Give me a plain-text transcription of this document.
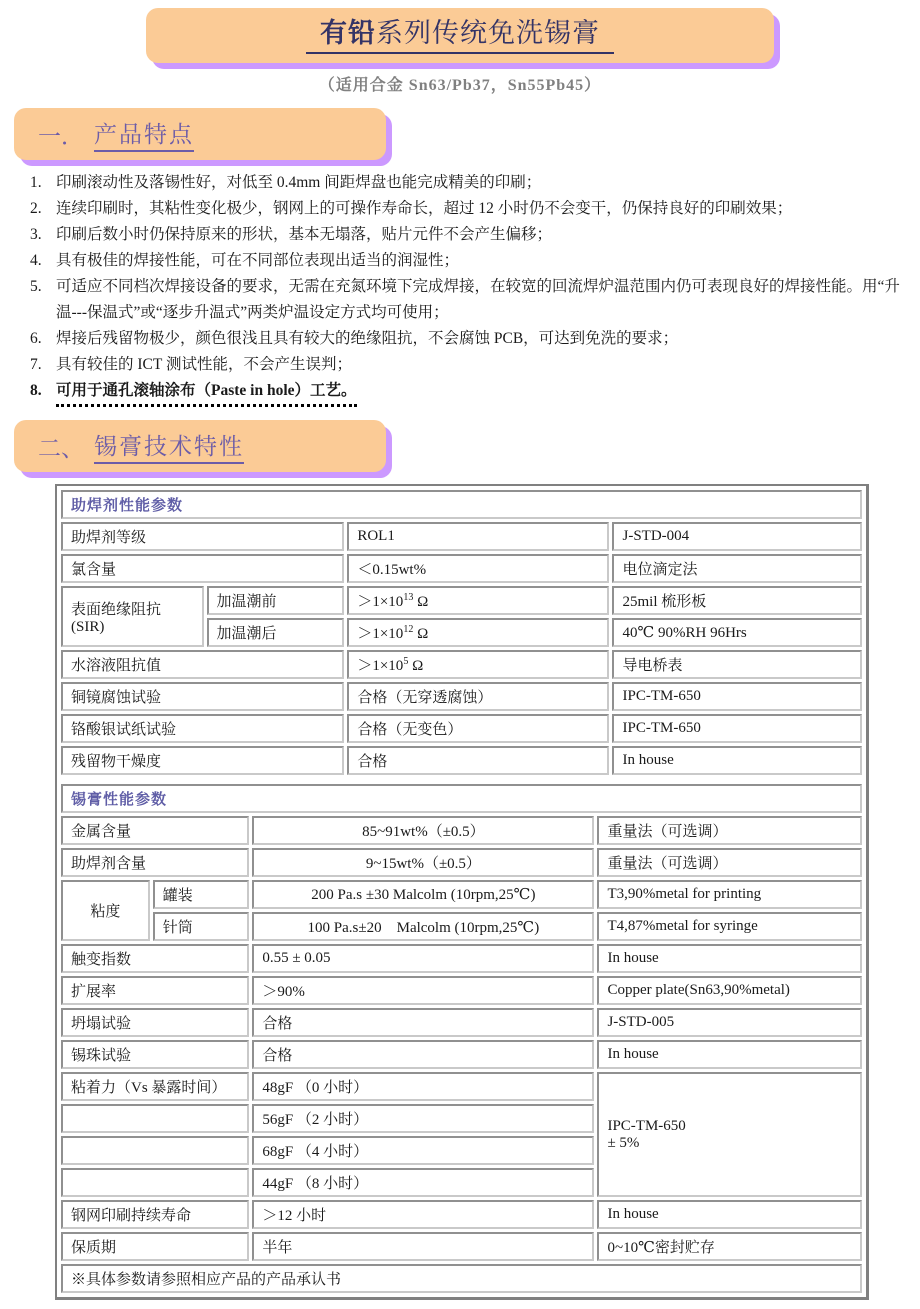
有铅系列传统免洗锡膏
（适用合金 Sn63/Pb37，Sn55Pb45）
一． 产品特点
1. 印刷滚动性及落锡性好，对低至 0.4mm 间距焊盘也能完成精美的印刷；
2. 连续印刷时，其粘性变化极少，钢网上的可操作寿命长，超过 12 小时仍不会变干，仍保持良好的印刷效果；
3. 印刷后数小时仍保持原来的形状，基本无塌落，贴片元件不会产生偏移；
4. 具有极佳的焊接性能，可在不同部位表现出适当的润湿性；
5. 可适应不同档次焊接设备的要求，无需在充氮环境下完成焊接，在较宽的回流焊炉温范围内仍可表现良好的焊接性能。用“升温---保温式”或“逐步升温式”两类炉温设定方式均可使用；
6. 焊接后残留物极少，颜色很浅且具有较大的绝缘阻抗，不会腐蚀 PCB，可达到免洗的要求；
7. 具有较佳的 ICT 测试性能，不会产生误判；
8. 可用于通孔滚轴涂布（Paste in hole）工艺。
二、 锡膏技术特性
助焊剂性能参数			
助焊剂等级		ROL1	J-STD-004
氯含量		＜0.15wt%	电位滴定法

表面绝缘阻抗
(SIR)	加温潮前	$>1\times 10^{13}$ Ω	25mil 梳形板
	加温潮后	$>1\times 10^{12}$ Ω	40℃ 90%RH 96Hrs
水溶液阻抗值		$>1\times 10^5$ Ω	导电桥表
铜镜腐蚀试验		合格（无穿透腐蚀）	IPC-TM-650
铬酸银试纸试验		合格（无变色）	IPC-TM-650
残留物干燥度		合格	In house
锡膏性能参数			
金属含量		85~91wt%（±0.5）	重量法（可选调）
助焊剂含量		9~15wt%（±0.5）	重量法（可选调）
粘度	罐装	200 Pa.s ±30 Malcolm (10rpm,25℃)	T3,90%metal for printing
	针筒	100 Pa.s±20　Malcolm (10rpm,25℃)	T4,87%metal for syringe
触变指数		0.55 ± 0.05	In house
扩展率		＞90%	Copper plate(Sn63,90%metal)
坍塌试验		合格	J-STD-005
锡珠试验		合格	In house
粘着力（Vs 暴露时间）		48gF （0 小时）	IPC-TM-650
± 5%

		56gF （2 小时）	
		68gF （4 小时）	
		44gF （8 小时）	
钢网印刷持续寿命		＞12 小时	In house
保质期		半年	0~10℃密封贮存
※具体参数请参照相应产品的产品承认书			
